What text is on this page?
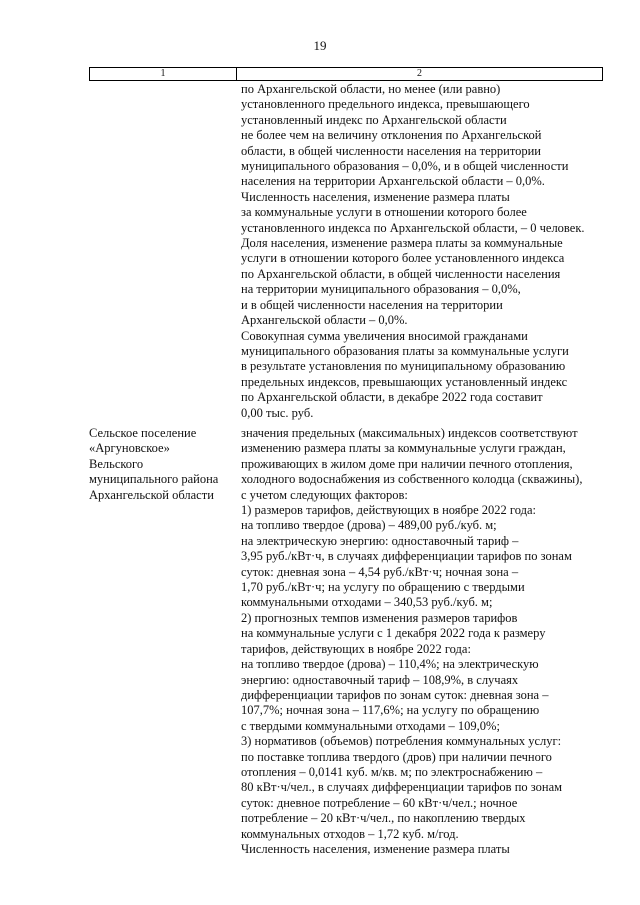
19
1	2
по Архангельской области, но менее (или равно)
установленного предельного индекса, превышающего
установленный индекс по Архангельской области
не более чем на величину отклонения по Архангельской
области, в общей численности населения на территории
муниципального образования – 0,0%, и в общей численности
населения на территории Архангельской области – 0,0%.
Численность населения, изменение размера платы
за коммунальные услуги в отношении которого более
установленного индекса по Архангельской области, – 0 человек.
Доля населения, изменение размера платы за коммунальные
услуги в отношении которого более установленного индекса
по Архангельской области, в общей численности населения
на территории муниципального образования – 0,0%,
и в общей численности населения на территории
Архангельской области – 0,0%.
Совокупная сумма увеличения вносимой гражданами
муниципального образования платы за коммунальные услуги
в результате установления по муниципальному образованию
предельных индексов, превышающих установленный индекс
по Архангельской области, в декабре 2022 года составит
0,00 тыс. руб.
Сельское поселение
«Аргуновское»
Вельского
муниципального района
Архангельской области
значения предельных (максимальных) индексов соответствуют
изменению размера платы за коммунальные услуги граждан,
проживающих в жилом доме при наличии печного отопления,
холодного водоснабжения из собственного колодца (скважины),
с учетом следующих факторов:
1) размеров тарифов, действующих в ноябре 2022 года:
на топливо твердое (дрова) – 489,00 руб./куб. м;
на электрическую энергию: одноставочный тариф –
3,95 руб./кВт·ч, в случаях дифференциации тарифов по зонам
суток: дневная зона – 4,54 руб./кВт·ч; ночная зона –
1,70 руб./кВт·ч; на услугу по обращению с твердыми
коммунальными отходами – 340,53 руб./куб. м;
2) прогнозных темпов изменения размеров тарифов
на коммунальные услуги с 1 декабря 2022 года к размеру
тарифов, действующих в ноябре 2022 года:
на топливо твердое (дрова) – 110,4%; на электрическую
энергию: одноставочный тариф – 108,9%, в случаях
дифференциации тарифов по зонам суток: дневная зона –
107,7%; ночная зона – 117,6%; на услугу по обращению
с твердыми коммунальными отходами – 109,0%;
3) нормативов (объемов) потребления коммунальных услуг:
по поставке топлива твердого (дров) при наличии печного
отопления – 0,0141 куб. м/кв. м; по электроснабжению –
80 кВт·ч/чел., в случаях дифференциации тарифов по зонам
суток: дневное потребление – 60 кВт·ч/чел.; ночное
потребление – 20 кВт·ч/чел., по накоплению твердых
коммунальных отходов – 1,72 куб. м/год.
Численность населения, изменение размера платы
